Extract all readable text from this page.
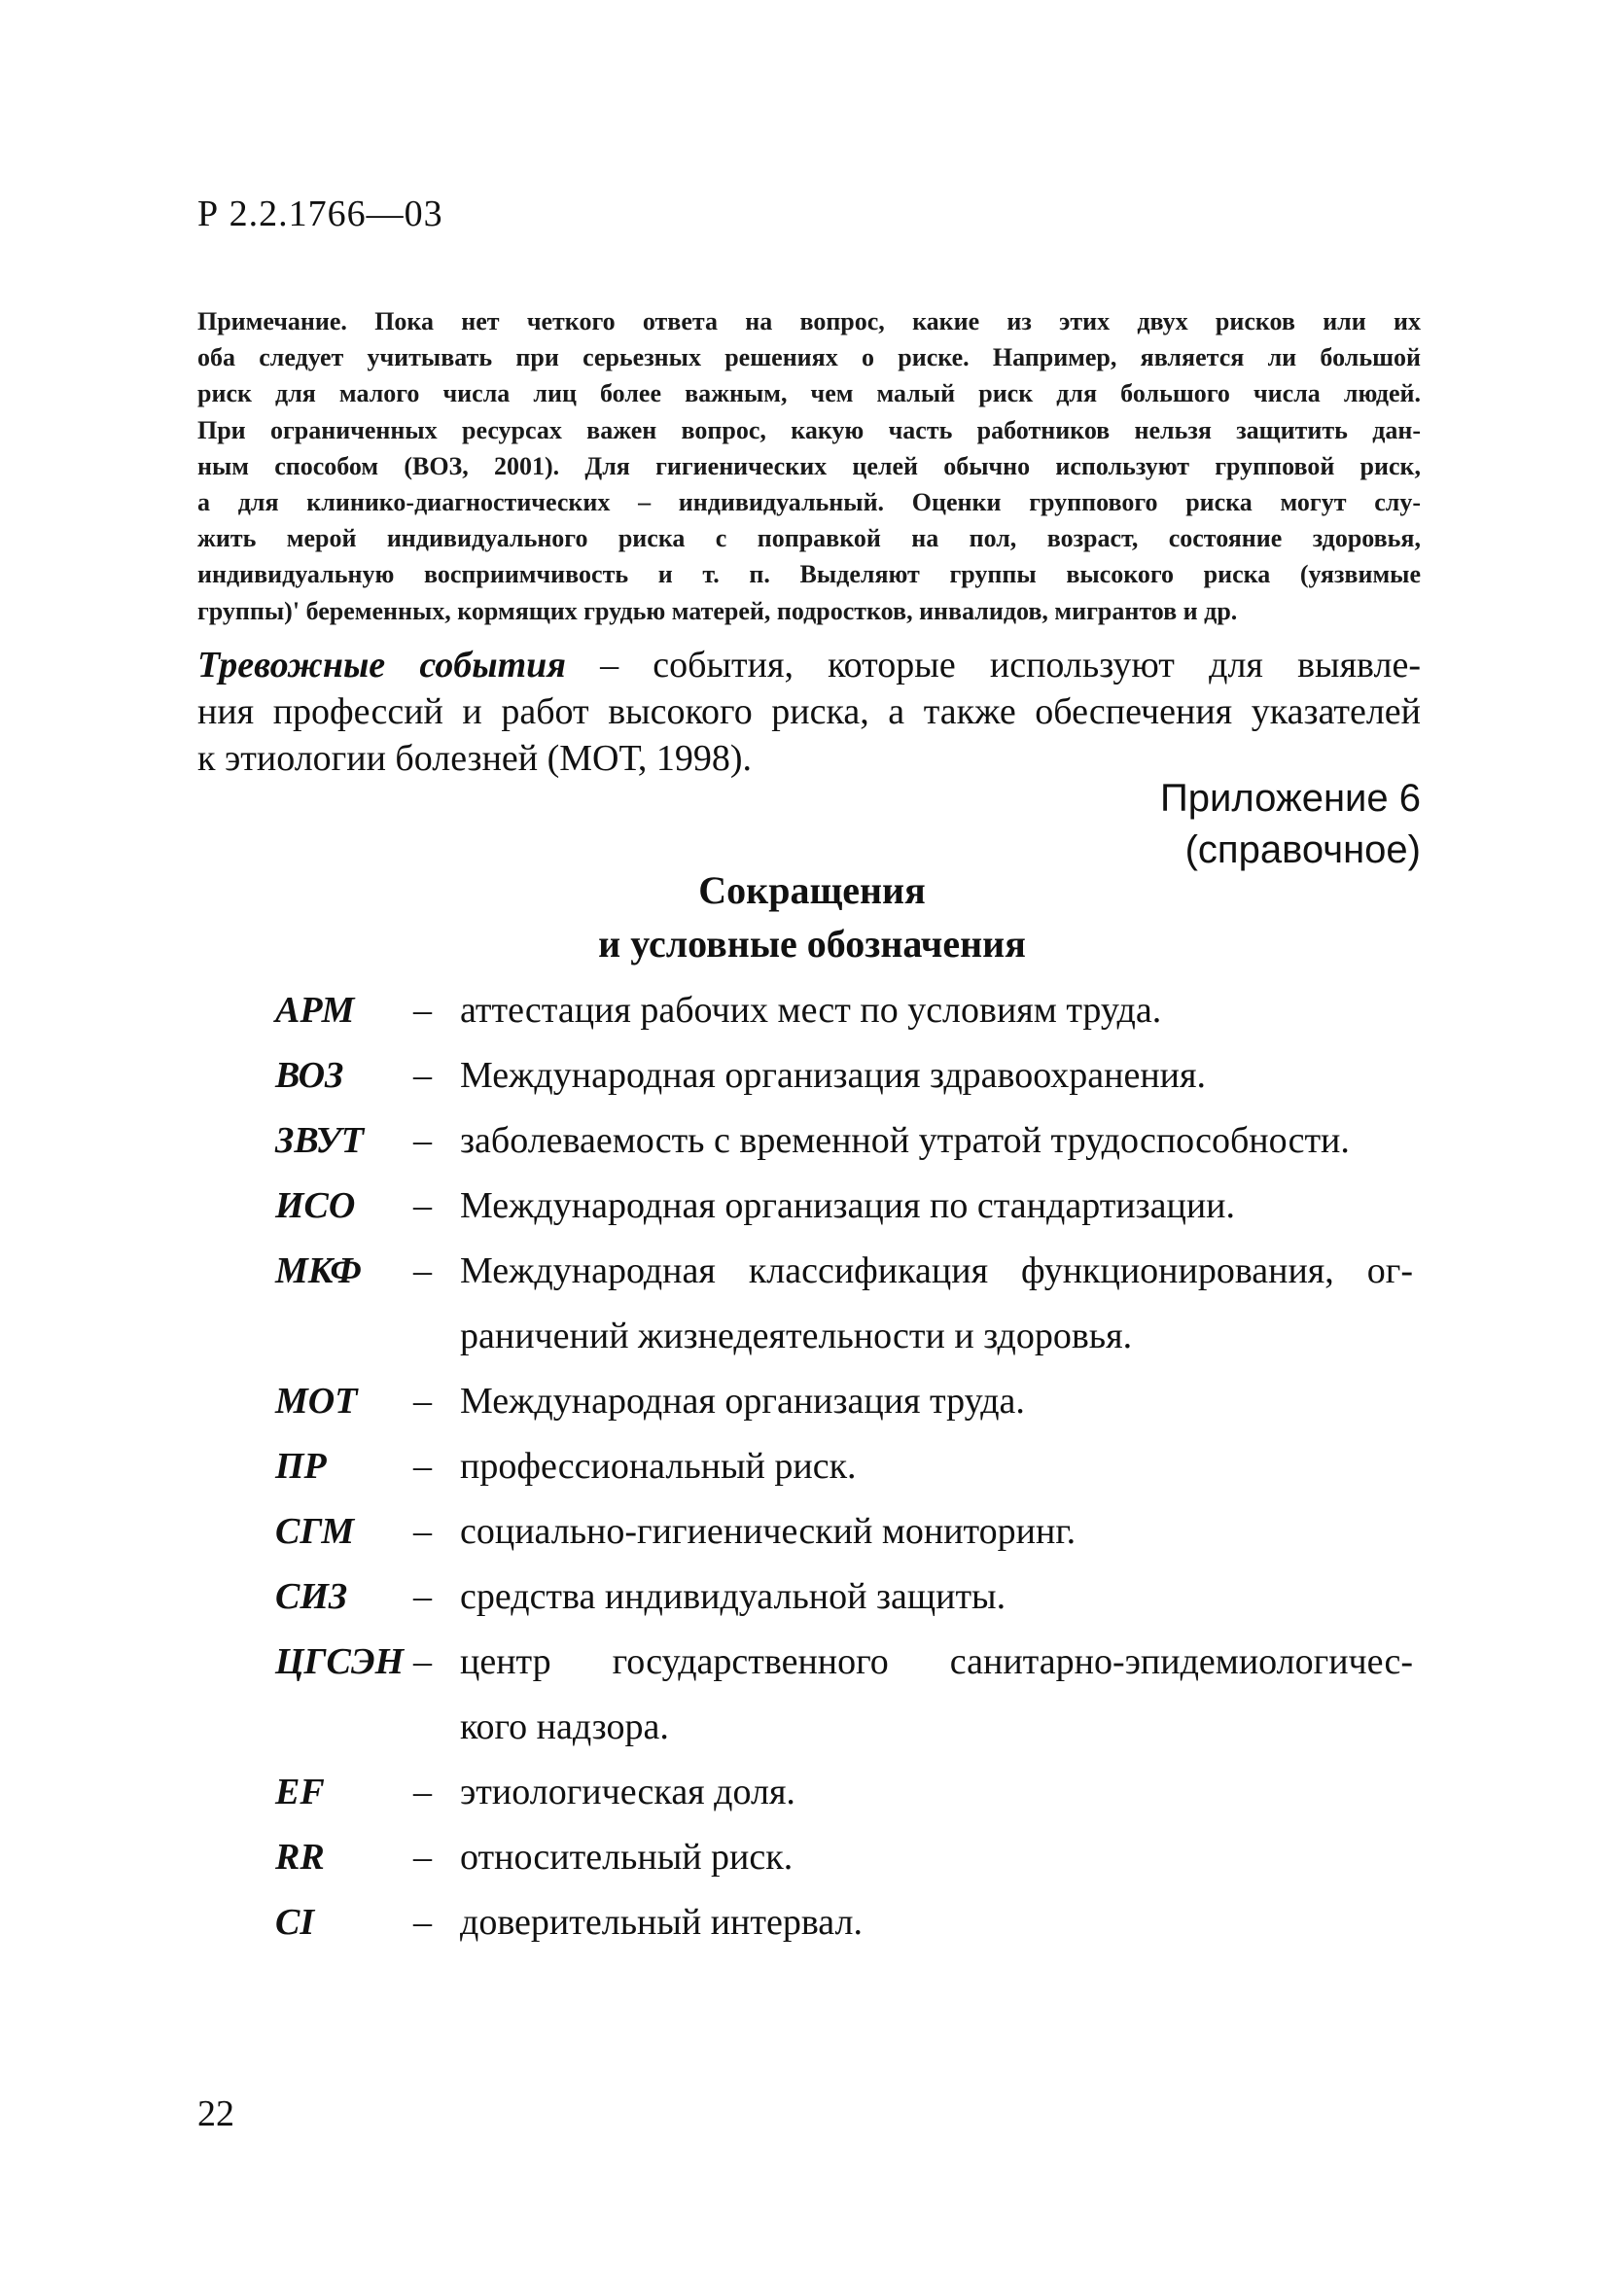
Р 2.2.1766—03
Примечание. Пока нет четкого ответа на вопрос, какие из этих двух рисков или их
оба следует учитывать при серьезных решениях о риске. Например, является ли большой
риск для малого числа лиц более важным, чем малый риск для большого числа людей.
При ограниченных ресурсах важен вопрос, какую часть работников нельзя защитить дан-
ным способом (ВОЗ, 2001). Для гигиенических целей обычно используют групповой риск,
а для клинико-диагностических – индивидуальный. Оценки группового риска могут слу-
жить мерой индивидуального риска с поправкой на пол, возраст, состояние здоровья,
индивидуальную восприимчивость и т. п. Выделяют группы высокого риска (уязвимые
группы)' беременных, кормящих грудью матерей, подростков, инвалидов, мигрантов и др.
Тревожные события – события, которые используют для выявле-
ния профессий и работ высокого риска, а также обеспечения указателей
к этиологии болезней (МОТ, 1998).
Приложение 6
(справочное)
Сокращения
и условные обозначения
АРМ – аттестация рабочих мест по условиям труда.
ВОЗ – Международная организация здравоохранения.
ЗВУТ – заболеваемость с временной утратой трудоспособности.
ИСО – Международная организация по стандартизации.
МКФ – Международная классификация функционирования, ог-
раничений жизнедеятельности и здоровья.
МОТ – Международная организация труда.
ПР – профессиональный риск.
СГМ – социально-гигиенический мониторинг.
СИЗ – средства индивидуальной защиты.
ЦГСЭН – центр государственного санитарно-эпидемиологичес-
кого надзора.
EF – этиологическая доля.
RR – относительный риск.
CI	– доверительный интервал.
22
